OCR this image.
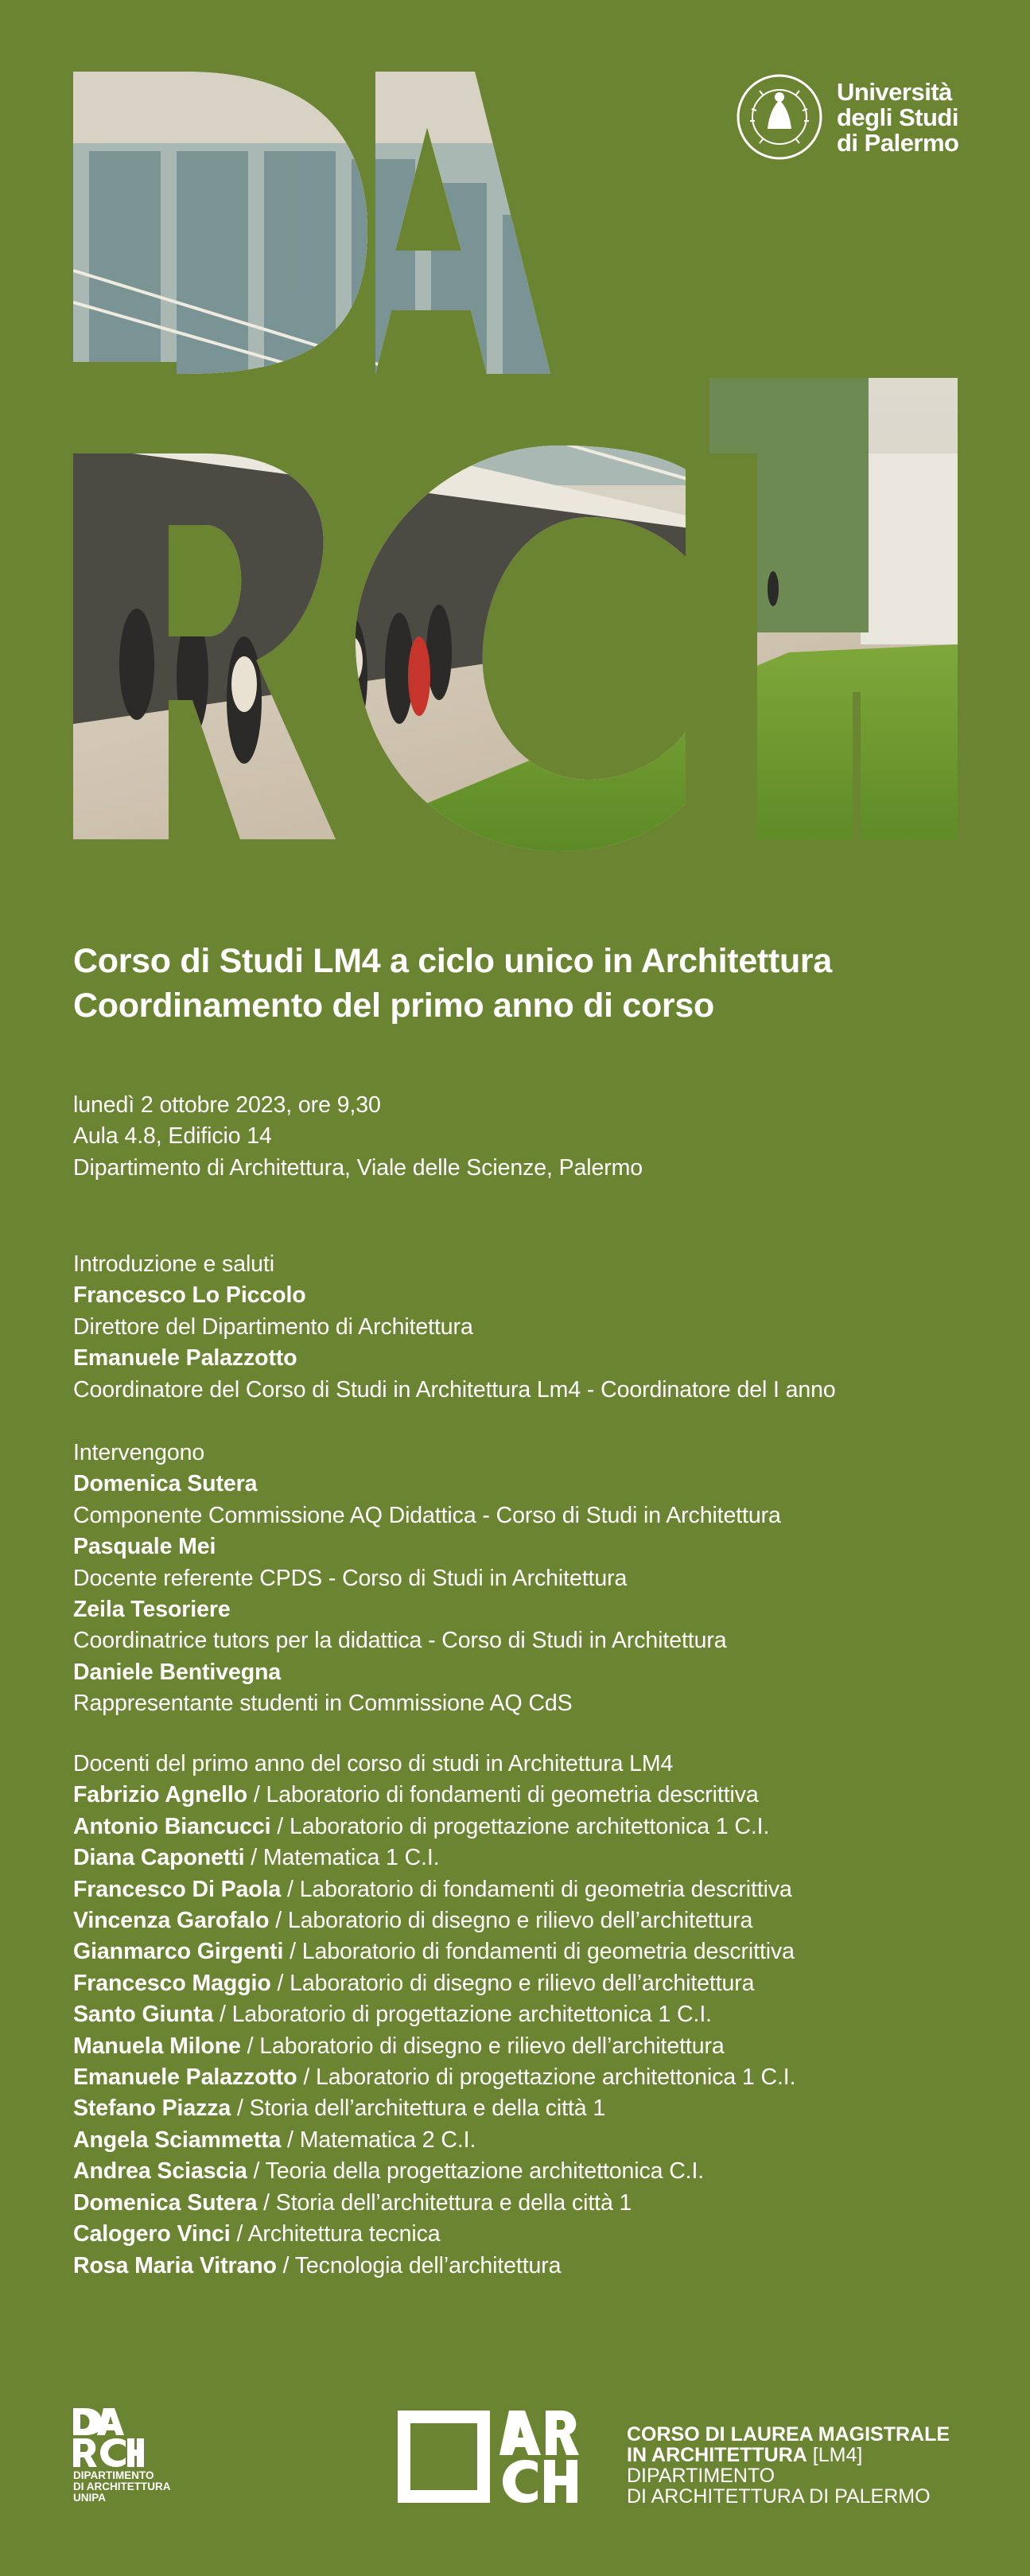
Università
degli Studi
di Palermo
Corso di Studi LM4 a ciclo unico in Architettura
Coordinamento del primo anno di corso
lunedì 2 ottobre 2023, ore 9,30
Aula 4.8, Edificio 14
Dipartimento di Architettura, Viale delle Scienze, Palermo
Introduzione e saluti
Francesco Lo Piccolo
Direttore del Dipartimento di Architettura
Emanuele Palazzotto
Coordinatore del Corso di Studi in Architettura Lm4 - Coordinatore del I anno
Intervengono
Domenica Sutera
Componente Commissione AQ Didattica - Corso di Studi in Architettura
Pasquale Mei
Docente referente CPDS - Corso di Studi in Architettura
Zeila Tesoriere
Coordinatrice tutors per la didattica - Corso di Studi in Architettura
Daniele Bentivegna
Rappresentante studenti in Commissione AQ CdS
Docenti del primo anno del corso di studi in Architettura LM4
Fabrizio Agnello / Laboratorio di fondamenti di geometria descrittiva
Antonio Biancucci / Laboratorio di progettazione architettonica 1 C.I.
Diana Caponetti / Matematica 1 C.I.
Francesco Di Paola / Laboratorio di fondamenti di geometria descrittiva
Vincenza Garofalo / Laboratorio di disegno e rilievo dell’architettura
Gianmarco Girgenti / Laboratorio di fondamenti di geometria descrittiva
Francesco Maggio / Laboratorio di disegno e rilievo dell’architettura
Santo Giunta / Laboratorio di progettazione architettonica 1 C.I.
Manuela Milone / Laboratorio di disegno e rilievo dell’architettura
Emanuele Palazzotto / Laboratorio di progettazione architettonica 1 C.I.
Stefano Piazza / Storia dell’architettura e della città 1
Angela Sciammetta / Matematica 2 C.I.
Andrea Sciascia / Teoria della progettazione architettonica C.I.
Domenica Sutera / Storia dell’architettura e della città 1
Calogero Vinci / Architettura tecnica
Rosa Maria Vitrano / Tecnologia dell’architettura
DIPARTIMENTO
DI ARCHITETTURA
UNIPA
CORSO DI LAUREA MAGISTRALE
IN ARCHITETTURA [LM4]
DIPARTIMENTO
DI ARCHITETTURA DI PALERMO
